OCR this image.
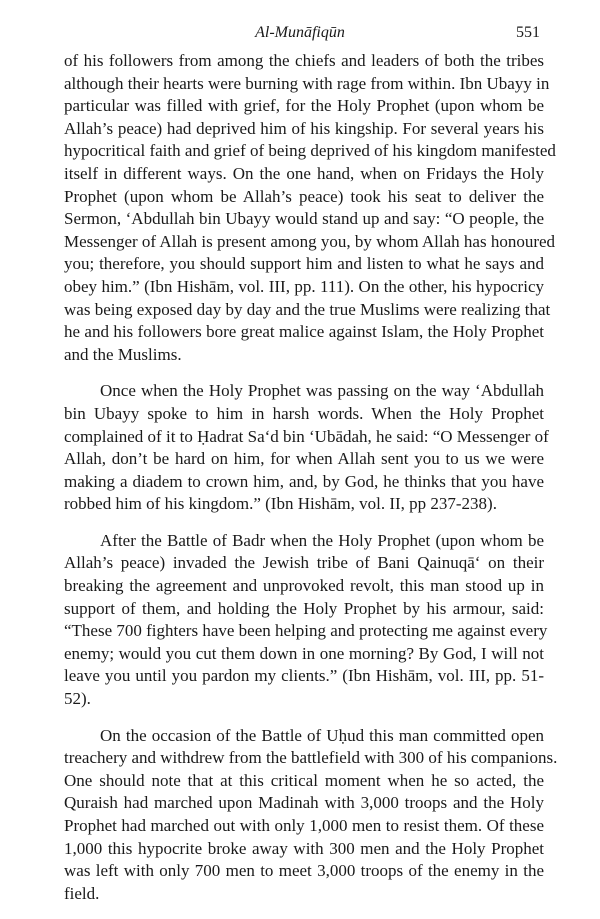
Al-Munāfiqūn	551
of his followers from among the chiefs and leaders of both the tribes
although their hearts were burning with rage from within. Ibn Ubayy in
particular was filled with grief, for the Holy Prophet (upon whom be
Allah’s peace) had deprived him of his kingship. For several years his
hypocritical faith and grief of being deprived of his kingdom manifested
itself in different ways. On the one hand, when on Fridays the Holy
Prophet (upon whom be Allah’s peace) took his seat to deliver the
Sermon, ‘Abdullah bin Ubayy would stand up and say: “O people, the
Messenger of Allah is present among you, by whom Allah has honoured
you; therefore, you should support him and listen to what he says and
obey him.” (Ibn Hishām, vol. III, pp. 111). On the other, his hypocricy
was being exposed day by day and the true Muslims were realizing that
he and his followers bore great malice against Islam, the Holy Prophet
and the Muslims.
Once when the Holy Prophet was passing on the way ‘Abdullah
bin Ubayy spoke to him in harsh words. When the Holy Prophet
complained of it to Ḥadrat Sa‘d bin ‘Ubādah, he said: “O Messenger of
Allah, don’t be hard on him, for when Allah sent you to us we were
making a diadem to crown him, and, by God, he thinks that you have
robbed him of his kingdom.” (Ibn Hishām, vol. II, pp 237-238).
After the Battle of Badr when the Holy Prophet (upon whom be
Allah’s peace) invaded the Jewish tribe of Bani Qainuqā‘ on their
breaking the agreement and unprovoked revolt, this man stood up in
support of them, and holding the Holy Prophet by his armour, said:
“These 700 fighters have been helping and protecting me against every
enemy; would you cut them down in one morning? By God, I will not
leave you until you pardon my clients.” (Ibn Hishām, vol. III, pp. 51-
52).
On the occasion of the Battle of Uḥud this man committed open
treachery and withdrew from the battlefield with 300 of his companions.
One should note that at this critical moment when he so acted, the
Quraish had marched upon Madinah with 3,000 troops and the Holy
Prophet had marched out with only 1,000 men to resist them. Of these
1,000 this hypocrite broke away with 300 men and the Holy Prophet
was left with only 700 men to meet 3,000 troops of the enemy in the
field.
